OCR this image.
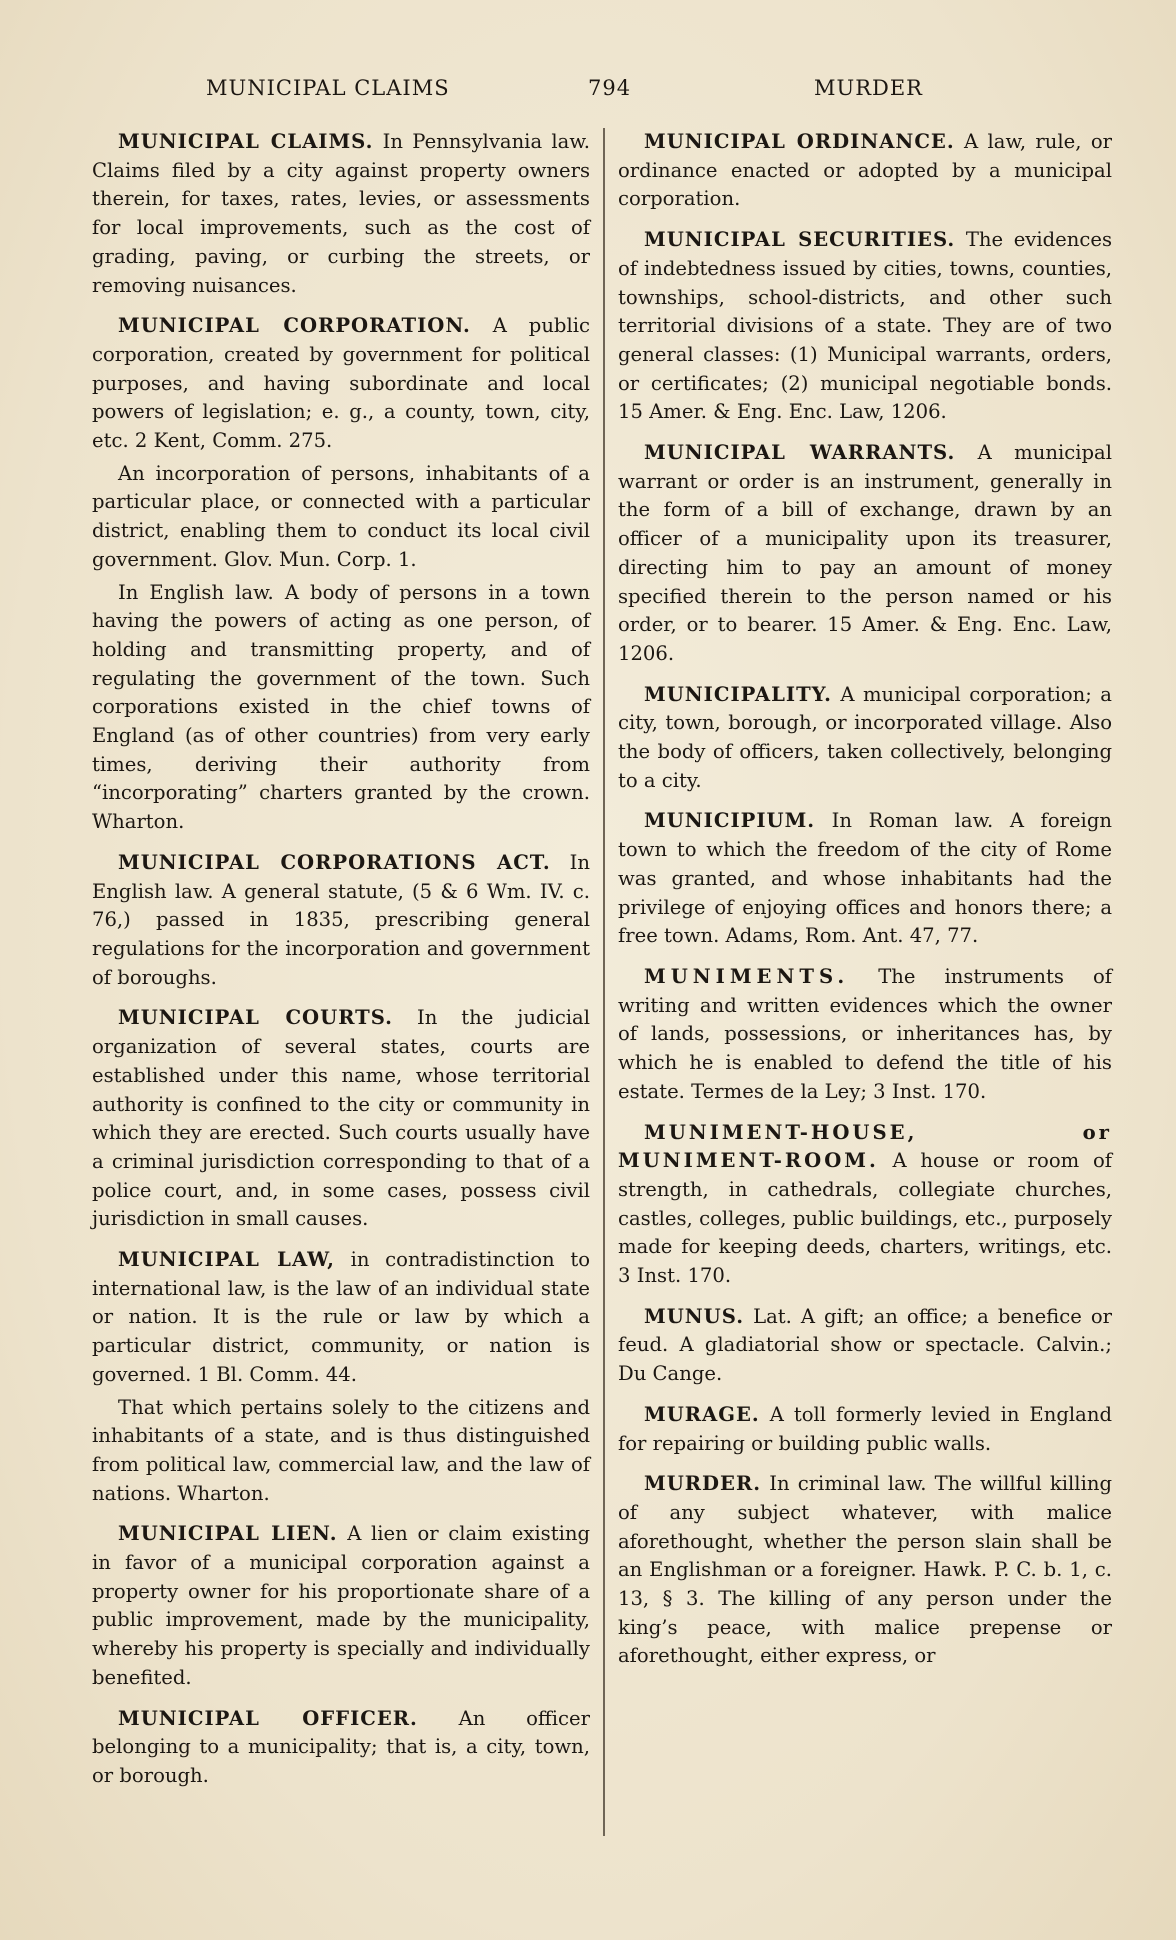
MUNICIPAL CLAIMS	794	MURDER
MUNICIPAL CLAIMS. In Pennsylvania law. Claims filed by a city against property owners therein, for taxes, rates, levies, or assessments for local improvements, such as the cost of grading, paving, or curbing the streets, or removing nuisances.
MUNICIPAL CORPORATION. A public corporation, created by government for political purposes, and having subordinate and local powers of legislation; e. g., a county, town, city, etc. 2 Kent, Comm. 275.
An incorporation of persons, inhabitants of a particular place, or connected with a particular district, enabling them to conduct its local civil government. Glov. Mun. Corp. 1.
In English law. A body of persons in a town having the powers of acting as one person, of holding and transmitting property, and of regulating the government of the town. Such corporations existed in the chief towns of England (as of other countries) from very early times, deriving their authority from “incorporating” charters granted by the crown. Wharton.
MUNICIPAL CORPORATIONS ACT. In English law. A general statute, (5 & 6 Wm. IV. c. 76,) passed in 1835, prescribing general regulations for the incorporation and government of boroughs.
MUNICIPAL COURTS. In the judicial organization of several states, courts are established under this name, whose territorial authority is confined to the city or community in which they are erected. Such courts usually have a criminal jurisdiction corresponding to that of a police court, and, in some cases, possess civil jurisdiction in small causes.
MUNICIPAL LAW, in contradistinction to international law, is the law of an individual state or nation. It is the rule or law by which a particular district, community, or nation is governed. 1 Bl. Comm. 44.
That which pertains solely to the citizens and inhabitants of a state, and is thus distinguished from political law, commercial law, and the law of nations. Wharton.
MUNICIPAL LIEN. A lien or claim existing in favor of a municipal corporation against a property owner for his proportionate share of a public improvement, made by the municipality, whereby his property is specially and individually benefited.
MUNICIPAL OFFICER. An officer belonging to a municipality; that is, a city, town, or borough.
MUNICIPAL ORDINANCE. A law, rule, or ordinance enacted or adopted by a municipal corporation.
MUNICIPAL SECURITIES. The evidences of indebtedness issued by cities, towns, counties, townships, school-districts, and other such territorial divisions of a state. They are of two general classes: (1) Municipal warrants, orders, or certificates; (2) municipal negotiable bonds. 15 Amer. & Eng. Enc. Law, 1206.
MUNICIPAL WARRANTS. A municipal warrant or order is an instrument, generally in the form of a bill of exchange, drawn by an officer of a municipality upon its treasurer, directing him to pay an amount of money specified therein to the person named or his order, or to bearer. 15 Amer. & Eng. Enc. Law, 1206.
MUNICIPALITY. A municipal corporation; a city, town, borough, or incorporated village. Also the body of officers, taken collectively, belonging to a city.
MUNICIPIUM. In Roman law. A foreign town to which the freedom of the city of Rome was granted, and whose inhabitants had the privilege of enjoying offices and honors there; a free town. Adams, Rom. Ant. 47, 77.
MUNIMENTS. The instruments of writing and written evidences which the owner of lands, possessions, or inheritances has, by which he is enabled to defend the title of his estate. Termes de la Ley; 3 Inst. 170.
MUNIMENT-HOUSE, or MUNIMENT-ROOM. A house or room of strength, in cathedrals, collegiate churches, castles, colleges, public buildings, etc., purposely made for keeping deeds, charters, writings, etc. 3 Inst. 170.
MUNUS. Lat. A gift; an office; a benefice or feud. A gladiatorial show or spectacle. Calvin.; Du Cange.
MURAGE. A toll formerly levied in England for repairing or building public walls.
MURDER. In criminal law. The willful killing of any subject whatever, with malice aforethought, whether the person slain shall be an Englishman or a foreigner. Hawk. P. C. b. 1, c. 13, § 3. The killing of any person under the king’s peace, with malice prepense or aforethought, either express, or
